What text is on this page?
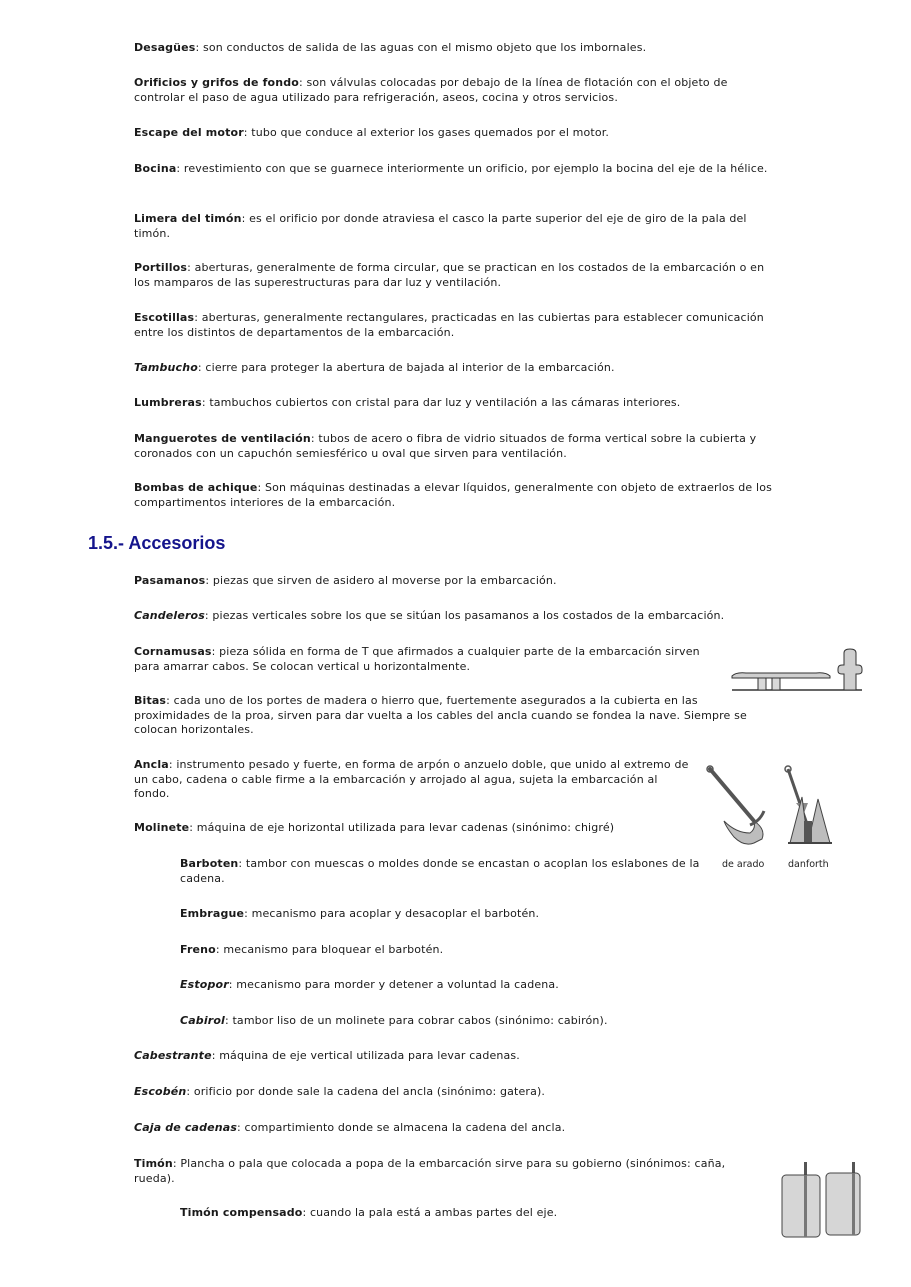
Desagües: son conductos de salida de las aguas con el mismo objeto que los imbornales.
Orificios y grifos de fondo: son válvulas colocadas por debajo de la línea de flotación con el objeto de controlar el paso de agua utilizado para refrigeración, aseos, cocina y otros servicios.
Escape del motor: tubo que conduce al exterior los gases quemados por el motor.
Bocina: revestimiento con que se guarnece interiormente un orificio, por ejemplo la bocina del eje de la hélice.
Limera del timón: es el orificio por donde atraviesa el casco la parte superior del eje de giro de la pala del timón.
Portillos: aberturas, generalmente de forma circular, que se practican en los costados de la embarcación o en los mamparos de las superestructuras para dar luz y ventilación.
Escotillas: aberturas, generalmente rectangulares, practicadas en las cubiertas para establecer comunicación entre los distintos de departamentos de la embarcación.
Tambucho: cierre para proteger la abertura de bajada al interior de la embarcación.
Lumbreras: tambuchos cubiertos con cristal para dar luz y ventilación a las cámaras interiores.
Manguerotes de ventilación: tubos de acero o fibra de vidrio situados de forma vertical sobre la cubierta y coronados con un capuchón semiesférico u oval que sirven para ventilación.
Bombas de achique: Son máquinas destinadas a elevar líquidos, generalmente con objeto de extraerlos de los compartimentos interiores de la embarcación.
1.5.- Accesorios
Pasamanos: piezas que sirven de asidero al moverse por la embarcación.
Candeleros: piezas verticales sobre los que se sitúan los pasamanos a los costados de la embarcación.
Cornamusas: pieza sólida en forma de T que afirmados a cualquier parte de la embarcación sirven para amarrar cabos. Se colocan vertical u horizontalmente.
Bitas: cada uno de los portes de madera o hierro que, fuertemente asegurados a la cubierta en las proximidades de la proa, sirven para dar vuelta a los cables del ancla cuando se fondea la nave. Siempre se colocan horizontales.
Ancla: instrumento pesado y fuerte, en forma de arpón o anzuelo doble, que unido al extremo de un cabo, cadena o cable firme a la embarcación y arrojado al agua, sujeta la embarcación al fondo.
Molinete: máquina de eje horizontal utilizada para levar cadenas (sinónimo: chigré)
Barboten: tambor con muescas o moldes donde se encastan o acoplan los eslabones de la cadena.
Embrague: mecanismo para acoplar y desacoplar el barbotén.
Freno: mecanismo para bloquear el barbotén.
Estopor: mecanismo para morder y detener a voluntad la cadena.
Cabirol: tambor liso de un molinete para cobrar cabos (sinónimo: cabirón).
Cabestrante: máquina de eje vertical utilizada para levar cadenas.
Escobén: orificio por donde sale la cadena del ancla (sinónimo: gatera).
Caja de cadenas: compartimiento donde se almacena la cadena del ancla.
Timón: Plancha o pala que colocada a popa de la embarcación sirve para su gobierno (sinónimos: caña, rueda).
Timón compensado: cuando la pala está a ambas partes del eje.
de arado danforth
